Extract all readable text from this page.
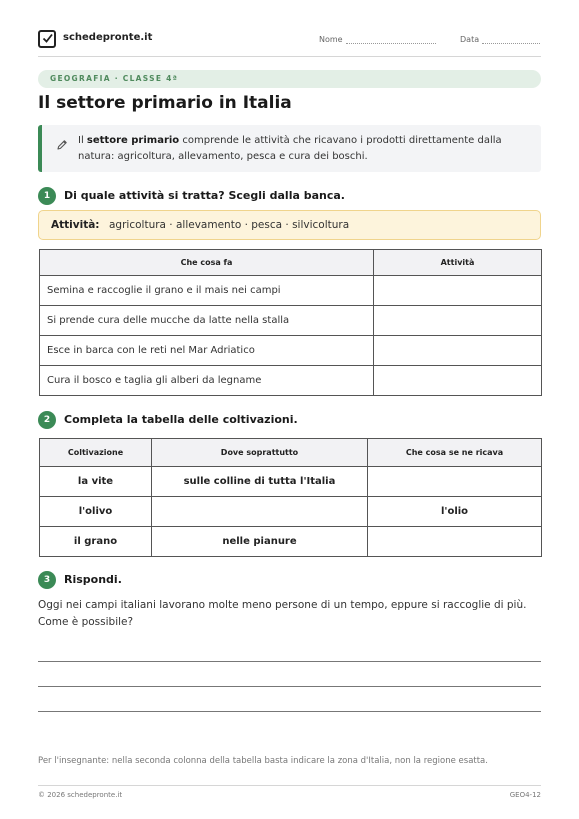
schedepronte.it	Nome	Data
GEOGRAFIA · CLASSE 4ª
Il settore primario in Italia

Il settore primario comprende le attività che ricavano i prodotti direttamente dalla natura: agricoltura, allevamento, pesca e cura dei boschi.

1	Di quale attività si tratta? Scegli dalla banca.
Attività: agricoltura · allevamento · pesca · silvicoltura
Che cosa fa	Attività
Semina e raccoglie il grano e il mais nei campi	
Si prende cura delle mucche da latte nella stalla	
Esce in barca con le reti nel Mar Adriatico	
Cura il bosco e taglia gli alberi da legname	
2	Completa la tabella delle coltivazioni.
Coltivazione	Dove soprattutto	Che cosa se ne ricava
la vite	sulle colline di tutta l'Italia	
l'olivo		l'olio
il grano	nelle pianure	
3	Rispondi.
Oggi nei campi italiani lavorano molte meno persone di un tempo, eppure si raccoglie di più. Come è possibile?
Per l'insegnante: nella seconda colonna della tabella basta indicare la zona d'Italia, non la regione esatta.
© 2026 schedepronte.it	GEO4-12
